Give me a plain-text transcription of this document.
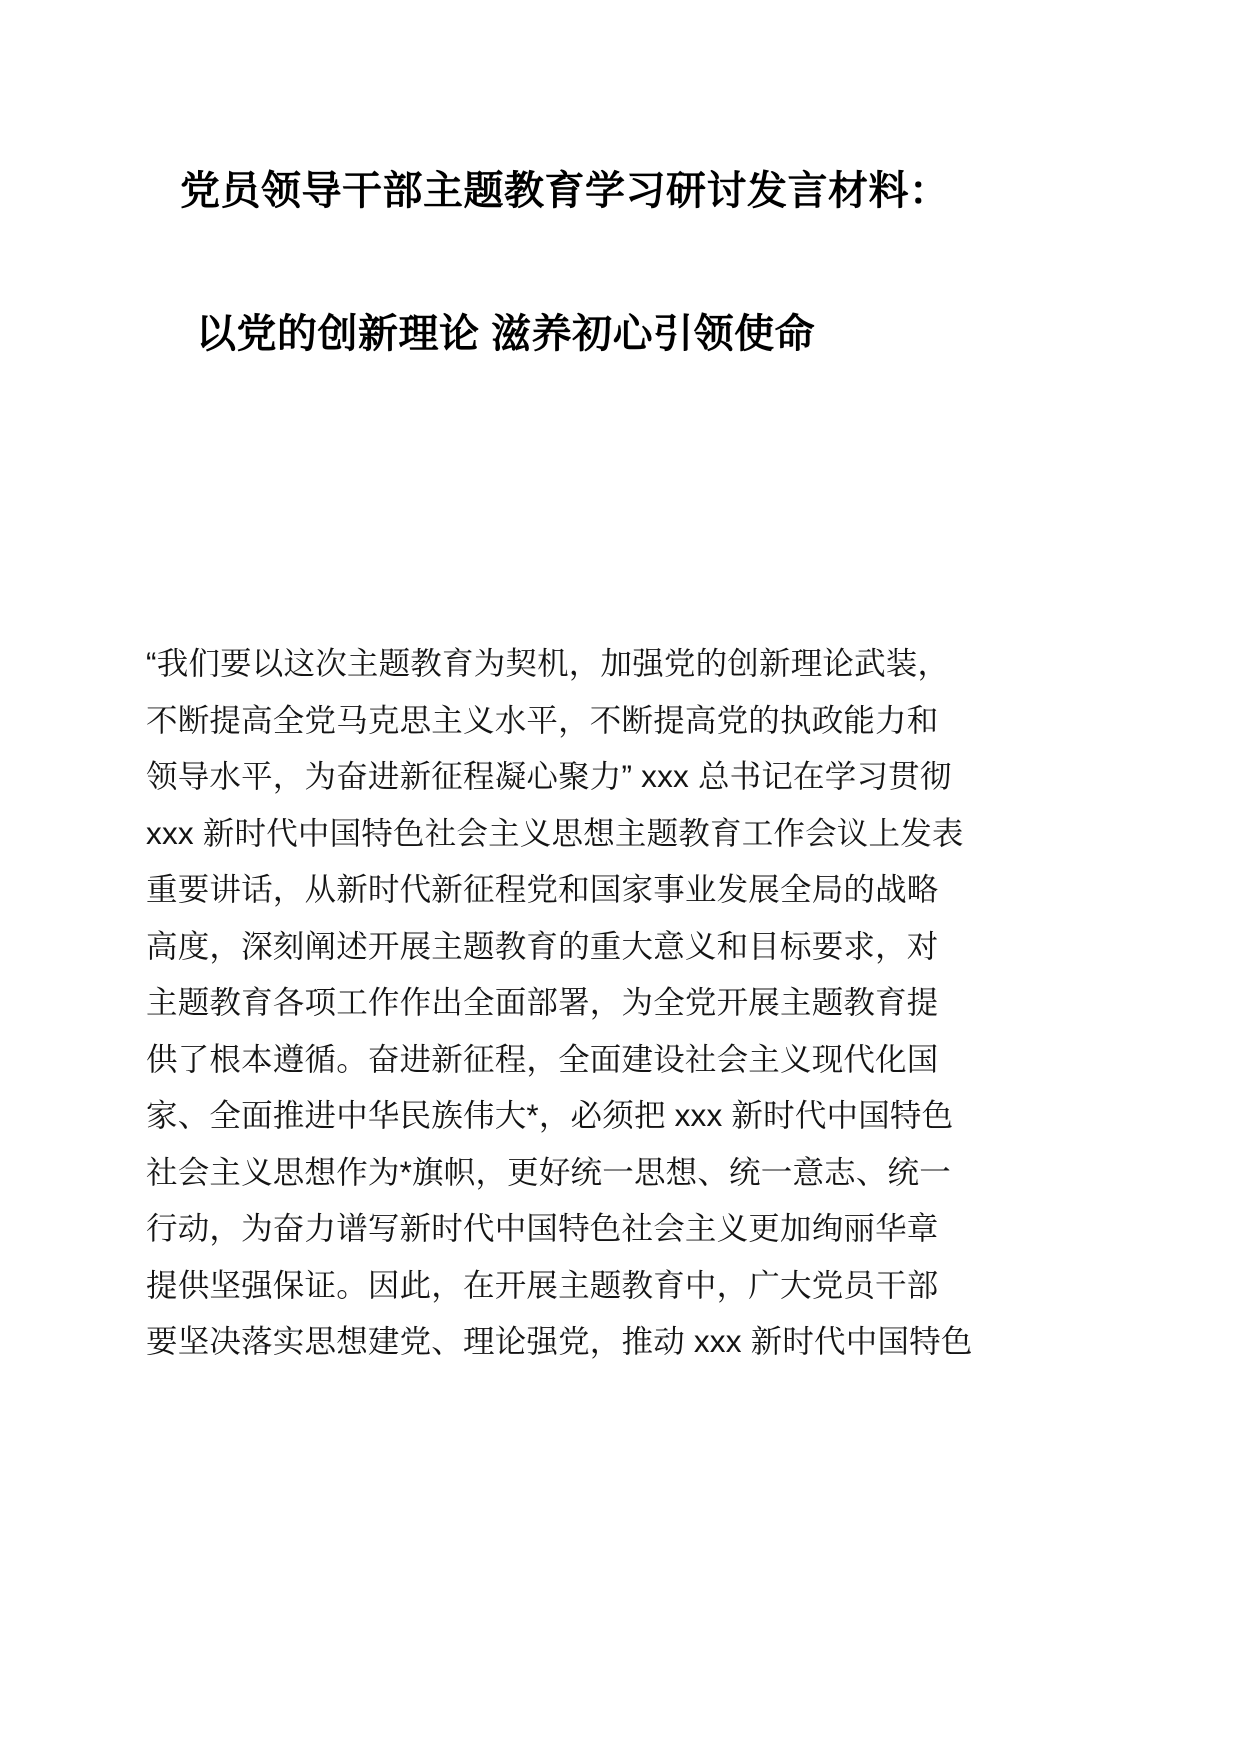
党员领导干部主题教育学习研讨发言材料：
以党的创新理论 滋养初心引领使命
“我们要以这次主题教育为契机，加强党的创新理论武装，
不断提高全党马克思主义水平，不断提高党的执政能力和
领导水平，为奋进新征程凝心聚力” xxx 总书记在学习贯彻
xxx 新时代中国特色社会主义思想主题教育工作会议上发表
重要讲话，从新时代新征程党和国家事业发展全局的战略
高度，深刻阐述开展主题教育的重大意义和目标要求，对
主题教育各项工作作出全面部署，为全党开展主题教育提
供了根本遵循。奋进新征程，全面建设社会主义现代化国
家、全面推进中华民族伟大*，必须把 xxx 新时代中国特色
社会主义思想作为*旗帜，更好统一思想、统一意志、统一
行动，为奋力谱写新时代中国特色社会主义更加绚丽华章
提供坚强保证。因此，在开展主题教育中，广大党员干部
要坚决落实思想建党、理论强党，推动 xxx 新时代中国特色
